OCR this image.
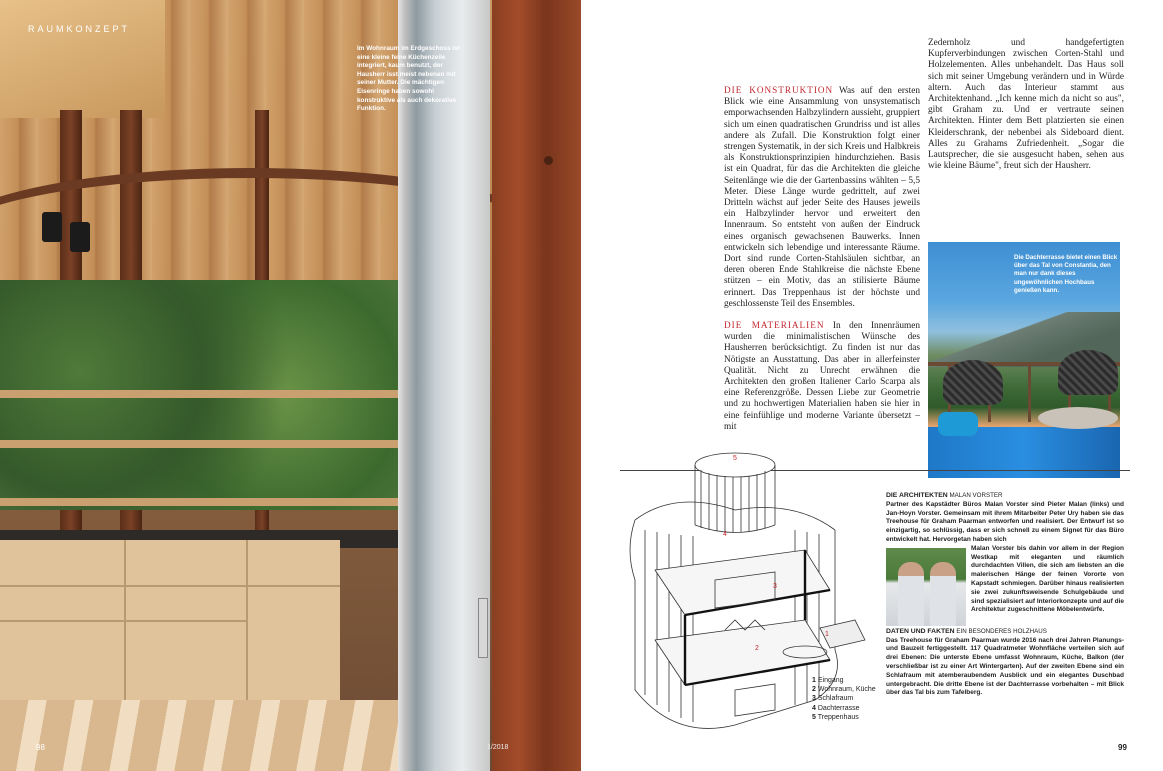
RAUMKONZEPT
Im Wohnraum im Erdgeschoss ist eine kleine feine Küchenzeile integriert, kaum benutzt, der Hausherr isst meist nebenan mit seiner Mutter. Die mächtigen Eisenringe haben sowohl konstruktive als auch dekorative Funktion.
98	1/2018

DIE KONSTRUKTION Was auf den ersten Blick wie eine Ansammlung von unsystematisch emporwachsenden Halbzylindern aussieht, gruppiert sich um einen quadratischen Grundriss und ist alles andere als Zufall. Die Konstruktion folgt einer strengen Systematik, in der sich Kreis und Halbkreis als Konstruktionsprinzipien hindurchziehen. Basis ist ein Quadrat, für das die Architekten die gleiche Seitenlänge wie die der Gartenbassins wählten – 5,5 Meter. Diese Länge wurde gedrittelt, auf zwei Dritteln wächst auf jeder Seite des Hauses jeweils ein Halbzylinder hervor und erweitert den Innenraum. So entsteht von außen der Eindruck eines organisch gewachsenen Bauwerks. Innen entwickeln sich lebendige und interessante Räume. Dort sind runde Corten-Stahlsäulen sichtbar, an deren oberen Ende Stahlkreise die nächste Ebene stützen – ein Motiv, das an stilisierte Bäume erinnert. Das Treppenhaus ist der höchste und geschlossenste Teil des Ensembles.

DIE MATERIALIEN In den Innenräumen wurden die minimalistischen Wünsche des Hausherren berücksichtigt. Zu finden ist nur das Nötigste an Ausstattung. Das aber in allerfeinster Qualität. Nicht zu Unrecht erwähnen die Architekten den großen Italiener Carlo Scarpa als eine Referenzgröße. Dessen Liebe zur Geometrie und zu hochwertigen Materialien haben sie hier in eine feinfühlige und moderne Variante übersetzt – mit

Zedernholz und handgefertigten Kupferverbindungen zwischen Corten-Stahl und Holzelementen. Alles unbehandelt. Das Haus soll sich mit seiner Umgebung verändern und in Würde altern. Auch das Interieur stammt aus Architektenhand. „Ich kenne mich da nicht so aus", gibt Graham zu. Und er vertraute seinen Architekten. Hinter dem Bett platzierten sie einen Kleiderschrank, der nebenbei als Sideboard dient. Alles zu Grahams Zufriedenheit. „Sogar die Lautsprecher, die sie ausgesucht haben, sehen aus wie kleine Bäume", freut sich der Hausherr.

Die Dachterrasse bietet einen Blick über das Tal von Constantia, den man nur dank dieses ungewöhnlichen Hochbaus genießen kann.
1
2
3
4
5
1 Eingang
2 Wohnraum, Küche
3 Schlafraum
4 Dachterrasse
5 Treppenhaus
DIE ARCHITEKTEN MALAN VORSTER
Partner des Kapstädter Büros Malan Vorster sind Pieter Malan (links) und Jan-Hoyn Vorster. Gemeinsam mit ihrem Mitarbeiter Peter Ury haben sie das Treehouse für Graham Paarman entworfen und realisiert. Der Entwurf ist so einzigartig, so schlüssig, dass er sich schnell zu einem Signet für das Büro entwickelt hat. Hervorgetan haben sich
Malan Vorster bis dahin vor allem in der Region Westkap mit eleganten und räumlich durchdachten Villen, die sich am liebsten an die malerischen Hänge der feinen Vororte von Kapstadt schmiegen. Darüber hinaus realisierten sie zwei zukunftsweisende Schulgebäude und sind spezialisiert auf Interiorkonzepte und auf die Architektur zugeschnittene Möbelentwürfe.
DATEN UND FAKTEN EIN BESONDERES HOLZHAUS
Das Treehouse für Graham Paarman wurde 2016 nach drei Jahren Planungs- und Bauzeit fertiggestellt. 117 Quadratmeter Wohnfläche verteilen sich auf drei Ebenen: Die unterste Ebene umfasst Wohnraum, Küche, Balkon (der verschließbar ist zu einer Art Wintergarten). Auf der zweiten Ebene sind ein Schlafraum mit atemberaubendem Ausblick und ein elegantes Duschbad untergebracht. Die dritte Ebene ist der Dachterrasse vorbehalten – mit Blick über das Tal bis zum Tafelberg.
99
